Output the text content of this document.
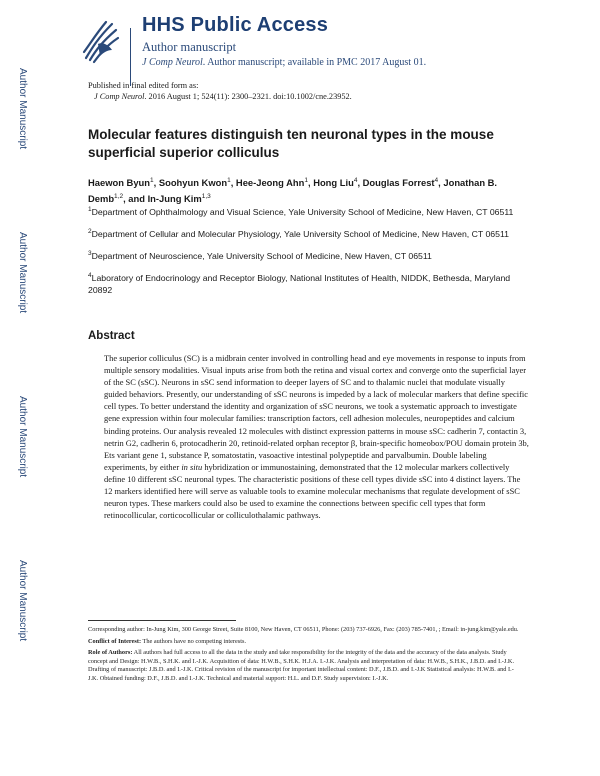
Author Manuscript
Author Manuscript
Author Manuscript
Author Manuscript
HHS Public Access
Author manuscript
J Comp Neurol. Author manuscript; available in PMC 2017 August 01.
Published in final edited form as:
J Comp Neurol. 2016 August 1; 524(11): 2300–2321. doi:10.1002/cne.23952.
Molecular features distinguish ten neuronal types in the mouse superficial superior colliculus
Haewon Byun$^1$, Soohyun Kwon$^1$, Hee-Jeong Ahn$^1$, Hong Liu$^4$, Douglas Forrest$^4$, Jonathan B. Demb$^{1,2}$, and In-Jung Kim$^{1,3}$
$^1$Department of Ophthalmology and Visual Science, Yale University School of Medicine, New Haven, CT 06511
$^2$Department of Cellular and Molecular Physiology, Yale University School of Medicine, New Haven, CT 06511
$^3$Department of Neuroscience, Yale University School of Medicine, New Haven, CT 06511
$^4$Laboratory of Endocrinology and Receptor Biology, National Institutes of Health, NIDDK, Bethesda, Maryland 20892
Abstract
The superior colliculus (SC) is a midbrain center involved in controlling head and eye movements in response to inputs from multiple sensory modalities. Visual inputs arise from both the retina and visual cortex and converge onto the superficial layer of the SC (sSC). Neurons in sSC send information to deeper layers of SC and to thalamic nuclei that modulate visually guided behaviors. Presently, our understanding of sSC neurons is impeded by a lack of molecular markers that define specific cell types. To better understand the identity and organization of sSC neurons, we took a systematic approach to investigate gene expression within four molecular families: transcription factors, cell adhesion molecules, neuropeptides and calcium binding proteins. Our analysis revealed 12 molecules with distinct expression patterns in mouse sSC: cadherin 7, contactin 3, netrin G2, cadherin 6, protocadherin 20, retinoid-related orphan receptor β, brain-specific homeobox/POU domain protein 3b, Ets variant gene 1, substance P, somatostatin, vasoactive intestinal polypeptide and parvalbumin. Double labeling experiments, by either in situ hybridization or immunostaining, demonstrated that the 12 molecular markers collectively define 10 different sSC neuronal types. The characteristic positions of these cell types divide sSC into 4 distinct layers. The 12 markers identified here will serve as valuable tools to examine molecular mechanisms that regulate development of sSC neuron types. These markers could also be used to examine the connections between specific cell types that form retinocollicular, corticocollicular or colliculothalamic pathways.
Corresponding author: In-Jung Kim, 300 George Street, Suite 8100, New Haven, CT 06511, Phone: (203) 737-6926, Fax: (203) 785-7401, ; Email: in-jung.kim@yale.edu.
Conflict of Interest: The authors have no competing interests.
Role of Authors: All authors had full access to all the data in the study and take responsibility for the integrity of the data and the accuracy of the data analysis. Study concept and Design: H.W.B., S.H.K. and I.-J.K. Acquisition of data: H.W.B., S.H.K. H.J.A. I.-J.K. Analysis and interpretation of data: H.W.B., S.H.K., J.B.D. and I.-J.K. Drafting of manuscript: J.B.D. and I.-J.K. Critical revision of the manuscript for important intellectual content: D.F., J.B.D. and I.-J.K Statistical analysis: H.W.B. and I.-J.K. Obtained funding: D.F., J.B.D. and I.-J.K. Technical and material support: H.L. and D.F. Study supervision: I.-J.K.
